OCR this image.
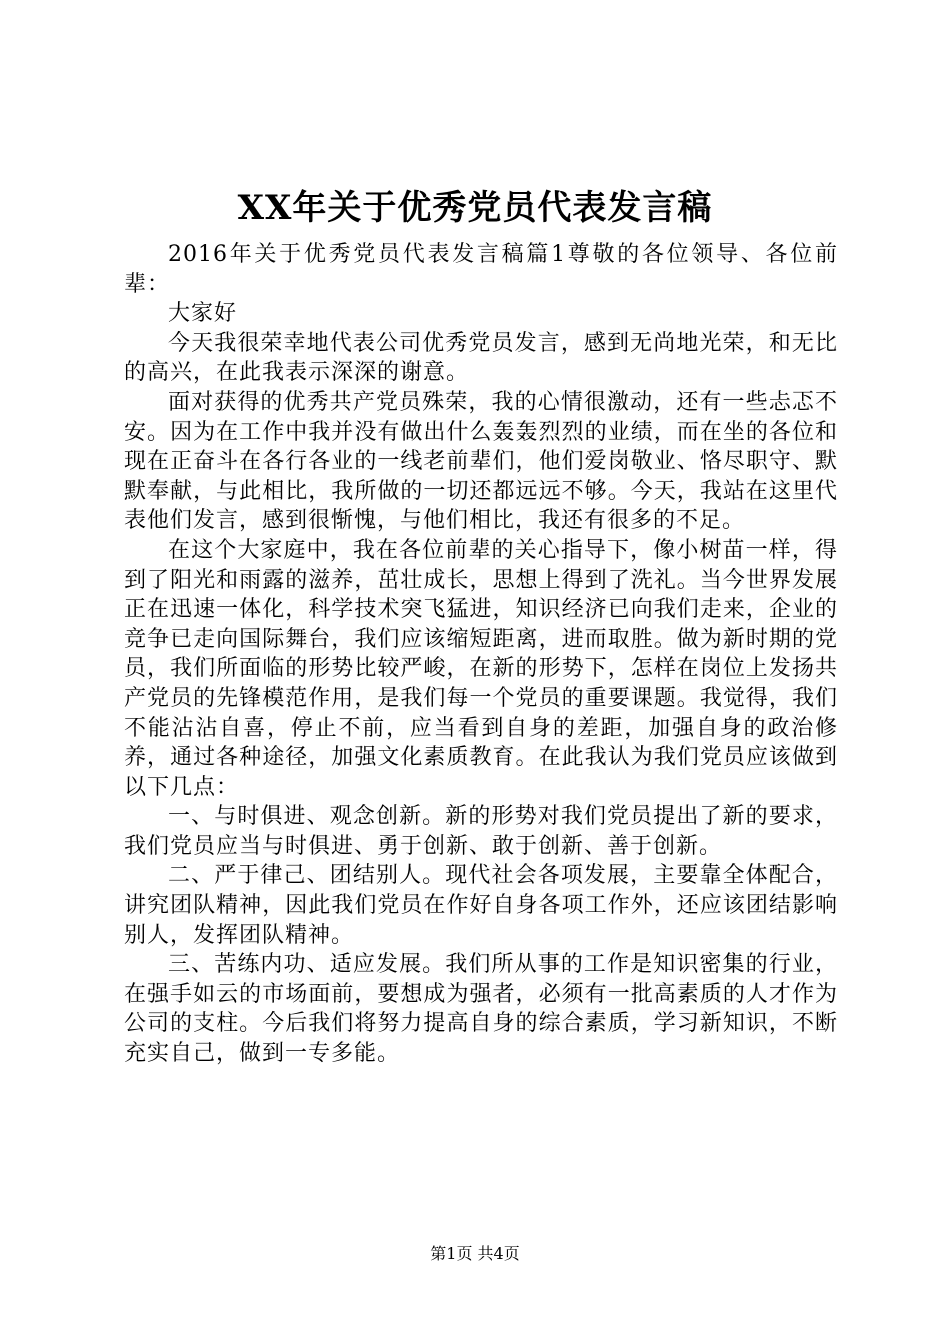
XX年关于优秀党员代表发言稿

2016年关于优秀党员代表发言稿篇1尊敬的各位领导、各位前辈：

大家好

今天我很荣幸地代表公司优秀党员发言，感到无尚地光荣，和无比的高兴，在此我表示深深的谢意。

面对获得的优秀共产党员殊荣，我的心情很激动，还有一些忐忑不安。因为在工作中我并没有做出什么轰轰烈烈的业绩，而在坐的各位和现在正奋斗在各行各业的一线老前辈们，他们爱岗敬业、恪尽职守、默默奉献，与此相比，我所做的一切还都远远不够。今天，我站在这里代表他们发言，感到很惭愧，与他们相比，我还有很多的不足。

在这个大家庭中，我在各位前辈的关心指导下，像小树苗一样，得到了阳光和雨露的滋养，茁壮成长，思想上得到了洗礼。当今世界发展正在迅速一体化，科学技术突飞猛进，知识经济已向我们走来，企业的竞争已走向国际舞台，我们应该缩短距离，进而取胜。做为新时期的党员，我们所面临的形势比较严峻，在新的形势下，怎样在岗位上发扬共产党员的先锋模范作用，是我们每一个党员的重要课题。我觉得，我们不能沾沾自喜，停止不前，应当看到自身的差距，加强自身的政治修养，通过各种途径，加强文化素质教育。在此我认为我们党员应该做到以下几点：

一、与时俱进、观念创新。新的形势对我们党员提出了新的要求，我们党员应当与时俱进、勇于创新、敢于创新、善于创新。

二、严于律己、团结别人。现代社会各项发展，主要靠全体配合，讲究团队精神，因此我们党员在作好自身各项工作外，还应该团结影响别人，发挥团队精神。

三、苦练内功、适应发展。我们所从事的工作是知识密集的行业，在强手如云的市场面前，要想成为强者，必须有一批高素质的人才作为公司的支柱。今后我们将努力提高自身的综合素质，学习新知识，不断充实自己，做到一专多能。

第1页 共4页
